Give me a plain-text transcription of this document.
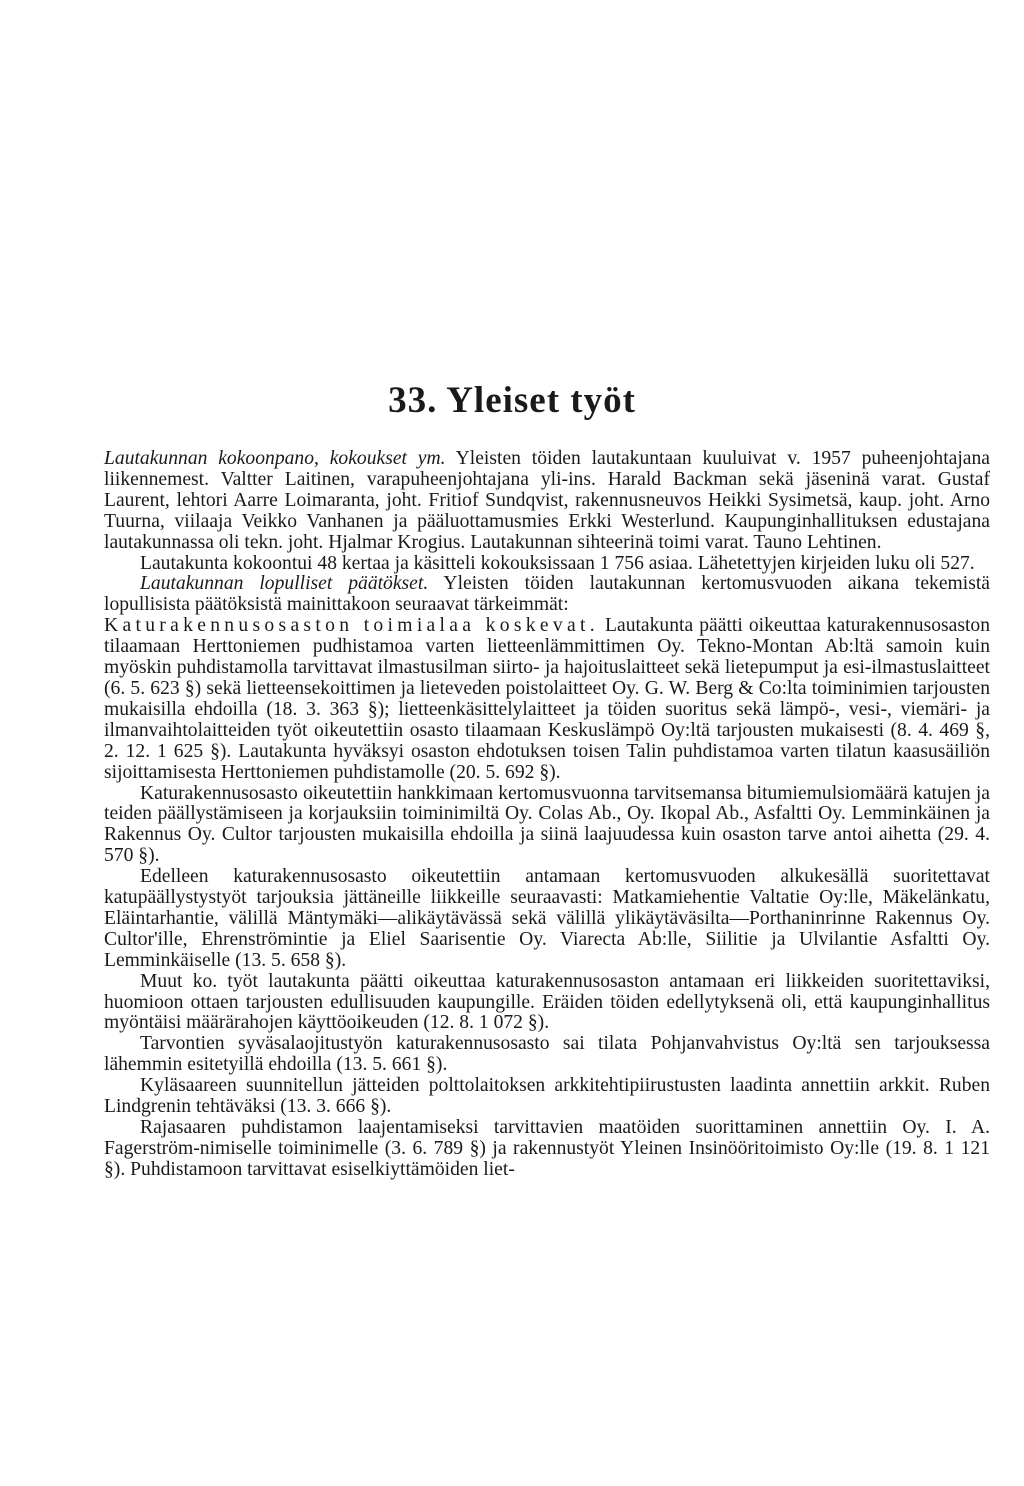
33. Yleiset työt

Lautakunnan kokoonpano, kokoukset ym. Yleisten töiden lautakuntaan kuuluivat v. 1957 puheenjohtajana liikennemest. Valtter Laitinen, varapuheenjohtajana yli-ins. Harald Backman sekä jäseninä varat. Gustaf Laurent, lehtori Aarre Loimaranta, joht. Fritiof Sundqvist, rakennusneuvos Heikki Sysimetsä, kaup. joht. Arno Tuurna, viilaaja Veikko Vanhanen ja pääluottamusmies Erkki Westerlund. Kaupunginhallituksen edustajana lautakunnassa oli tekn. joht. Hjalmar Krogius. Lautakunnan sihteerinä toimi varat. Tauno Lehtinen.

Lautakunta kokoontui 48 kertaa ja käsitteli kokouksissaan 1 756 asiaa. Lähetettyjen kirjeiden luku oli 527.

Lautakunnan lopulliset päätökset. Yleisten töiden lautakunnan kertomusvuoden aikana tekemistä lopullisista päätöksistä mainittakoon seuraavat tärkeimmät:

Katurakennusosaston toimialaa koskevat. Lautakunta päätti oikeuttaa katurakennusosaston tilaamaan Herttoniemen pudhistamoa varten lietteenlämmittimen Oy. Tekno-Montan Ab:ltä samoin kuin myöskin puhdistamolla tarvittavat ilmastusilman siirto- ja hajoituslaitteet sekä lietepumput ja esi-ilmastuslaitteet (6. 5. 623 §) sekä lietteensekoittimen ja lieteveden poistolaitteet Oy. G. W. Berg & Co:lta toiminimien tarjousten mukaisilla ehdoilla (18. 3. 363 §); lietteenkäsittelylaitteet ja töiden suoritus sekä lämpö-, vesi-, viemäri- ja ilmanvaihtolaitteiden työt oikeutettiin osasto tilaamaan Keskuslämpö Oy:ltä tarjousten mukaisesti (8. 4. 469 §, 2. 12. 1 625 §). Lautakunta hyväksyi osaston ehdotuksen toisen Talin puhdistamoa varten tilatun kaasusäiliön sijoittamisesta Herttoniemen puhdistamolle (20. 5. 692 §).

Katurakennusosasto oikeutettiin hankkimaan kertomusvuonna tarvitsemansa bitumiemulsiomäärä katujen ja teiden päällystämiseen ja korjauksiin toiminimiltä Oy. Colas Ab., Oy. Ikopal Ab., Asfaltti Oy. Lemminkäinen ja Rakennus Oy. Cultor tarjousten mukaisilla ehdoilla ja siinä laajuudessa kuin osaston tarve antoi aihetta (29. 4. 570 §).

Edelleen katurakennusosasto oikeutettiin antamaan kertomusvuoden alkukesällä suoritettavat katupäällystystyöt tarjouksia jättäneille liikkeille seuraavasti: Matkamiehentie Valtatie Oy:lle, Mäkelänkatu, Eläintarhantie, välillä Mäntymäki—alikäytävässä sekä välillä ylikäytäväsilta—Porthaninrinne Rakennus Oy. Cultor'ille, Ehrenströmintie ja Eliel Saarisentie Oy. Viarecta Ab:lle, Siilitie ja Ulvilantie Asfaltti Oy. Lemminkäiselle (13. 5. 658 §).

Muut ko. työt lautakunta päätti oikeuttaa katurakennusosaston antamaan eri liikkeiden suoritettaviksi, huomioon ottaen tarjousten edullisuuden kaupungille. Eräiden töiden edellytyksenä oli, että kaupunginhallitus myöntäisi määrärahojen käyttöoikeuden (12. 8. 1 072 §).

Tarvontien syväsalaojitustyön katurakennusosasto sai tilata Pohjanvahvistus Oy:ltä sen tarjouksessa lähemmin esitetyillä ehdoilla (13. 5. 661 §).

Kyläsaareen suunnitellun jätteiden polttolaitoksen arkkitehtipiirustusten laadinta annettiin arkkit. Ruben Lindgrenin tehtäväksi (13. 3. 666 §).

Rajasaaren puhdistamon laajentamiseksi tarvittavien maatöiden suorittaminen annettiin Oy. I. A. Fagerström-nimiselle toiminimelle (3. 6. 789 §) ja rakennustyöt Yleinen Insinööritoimisto Oy:lle (19. 8. 1 121 §). Puhdistamoon tarvittavat esiselkiyttämöiden liet-
